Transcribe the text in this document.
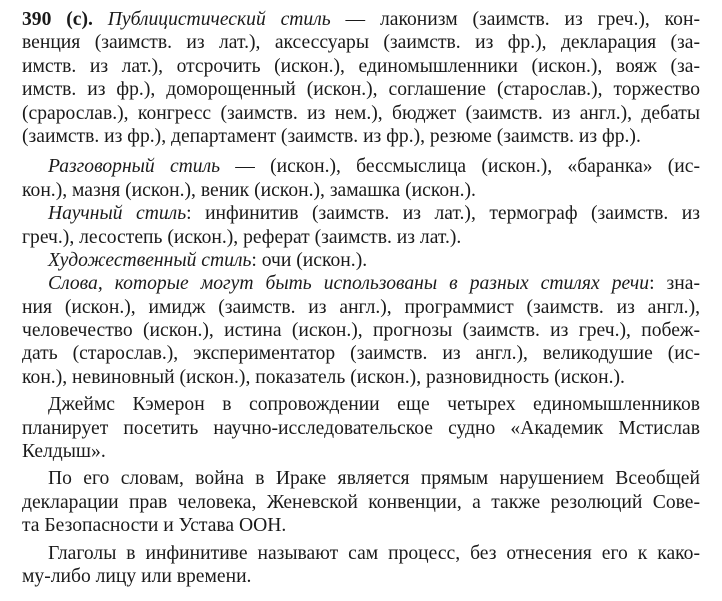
390 (с). Публицистический стиль — лаконизм (заимств. из греч.), кон-
венция (заимств. из лат.), аксессуары (заимств. из фр.), декларация (за-
имств. из лат.), отсрочить (искон.), единомышленники (искон.), вояж (за-
имств. из фр.), доморощенный (искон.), соглашение (старослав.), торжество
(срарослав.), конгресс (заимств. из нем.), бюджет (заимств. из англ.), дебаты
(заимств. из фр.), департамент (заимств. из фр.), резюме (заимств. из фр.).
Разговорный стиль — (искон.), бессмыслица (искон.), «баранка» (ис-
кон.), мазня (искон.), веник (искон.), замашка (искон.).
Научный стиль: инфинитив (заимств. из лат.), термограф (заимств. из
греч.), лесостепь (искон.), реферат (заимств. из лат.).
Художественный стиль: очи (искон.).
Слова, которые могут быть использованы в разных стилях речи: зна-
ния (искон.), имидж (заимств. из англ.), программист (заимств. из англ.),
человечество (искон.), истина (искон.), прогнозы (заимств. из греч.), побеж-
дать (старослав.), экспериментатор (заимств. из англ.), великодушие (ис-
кон.), невиновный (искон.), показатель (искон.), разновидность (искон.).
Джеймс Кэмерон в сопровождении еще четырех единомышленников
планирует посетить научно-исследовательское судно «Академик Мстислав
Келдыш».
По его словам, война в Ираке является прямым нарушением Всеобщей
декларации прав человека, Женевской конвенции, а также резолюций Сове-
та Безопасности и Устава ООН.
Глаголы в инфинитиве называют сам процесс, без отнесения его к како-
му-либо лицу или времени.
